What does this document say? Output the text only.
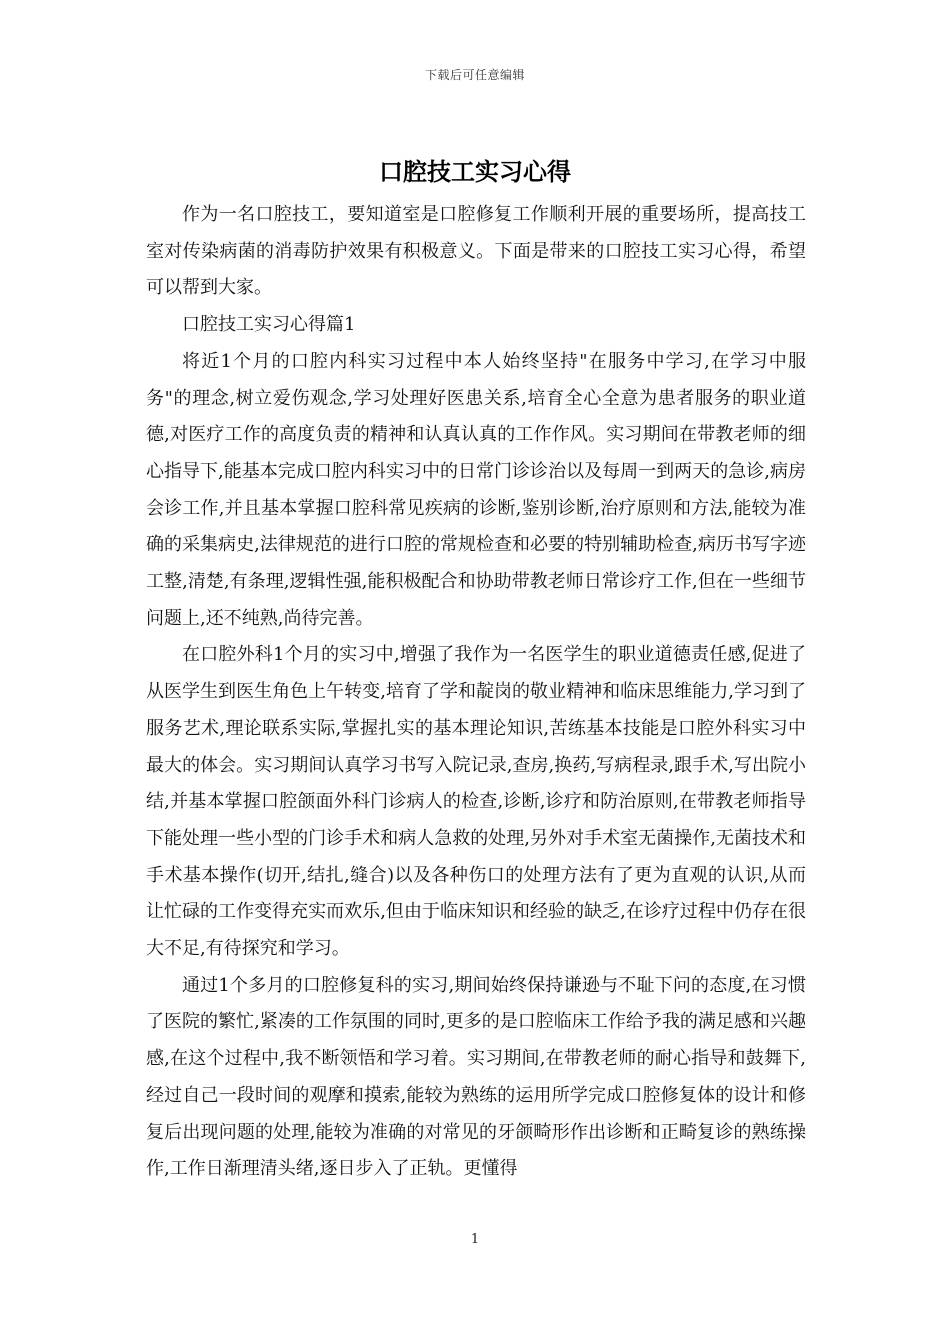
下载后可任意编辑
口腔技工实习心得

作为一名口腔技工，要知道室是口腔修复工作顺利开展的重要场所，提高技工室对传染病菌的消毒防护效果有积极意义。下面是带来的口腔技工实习心得，希望可以帮到大家。

口腔技工实习心得篇1

将近1个月的口腔内科实习过程中本人始终坚持"在服务中学习,在学习中服务"的理念,树立爱伤观念,学习处理好医患关系,培育全心全意为患者服务的职业道德,对医疗工作的高度负责的精神和认真认真的工作作风。实习期间在带教老师的细心指导下,能基本完成口腔内科实习中的日常门诊诊治以及每周一到两天的急诊,病房会诊工作,并且基本掌握口腔科常见疾病的诊断,鉴别诊断,治疗原则和方法,能较为准确的采集病史,法律规范的进行口腔的常规检查和必要的特别辅助检查,病历书写字迹工整,清楚,有条理,逻辑性强,能积极配合和协助带教老师日常诊疗工作,但在一些细节问题上,还不纯熟,尚待完善。

在口腔外科1个月的实习中,增强了我作为一名医学生的职业道德责任感,促进了从医学生到医生角色上午转变,培育了学和靛岗的敬业精神和临床思维能力,学习到了服务艺术,理论联系实际,掌握扎实的基本理论知识,苦练基本技能是口腔外科实习中最大的体会。实习期间认真学习书写入院记录,查房,换药,写病程录,跟手术,写出院小结,并基本掌握口腔颌面外科门诊病人的检查,诊断,诊疗和防治原则,在带教老师指导下能处理一些小型的门诊手术和病人急救的处理,另外对手术室无菌操作,无菌技术和手术基本操作(切开,结扎,缝合)以及各种伤口的处理方法有了更为直观的认识,从而让忙碌的工作变得充实而欢乐,但由于临床知识和经验的缺乏,在诊疗过程中仍存在很大不足,有待探究和学习。

通过1个多月的口腔修复科的实习,期间始终保持谦逊与不耻下问的态度,在习惯了医院的繁忙,紧凑的工作氛围的同时,更多的是口腔临床工作给予我的满足感和兴趣感,在这个过程中,我不断领悟和学习着。实习期间,在带教老师的耐心指导和鼓舞下,经过自己一段时间的观摩和摸索,能较为熟练的运用所学完成口腔修复体的设计和修复后出现问题的处理,能较为准确的对常见的牙颌畸形作出诊断和正畸复诊的熟练操作,工作日渐理清头绪,逐日步入了正轨。更懂得

1
